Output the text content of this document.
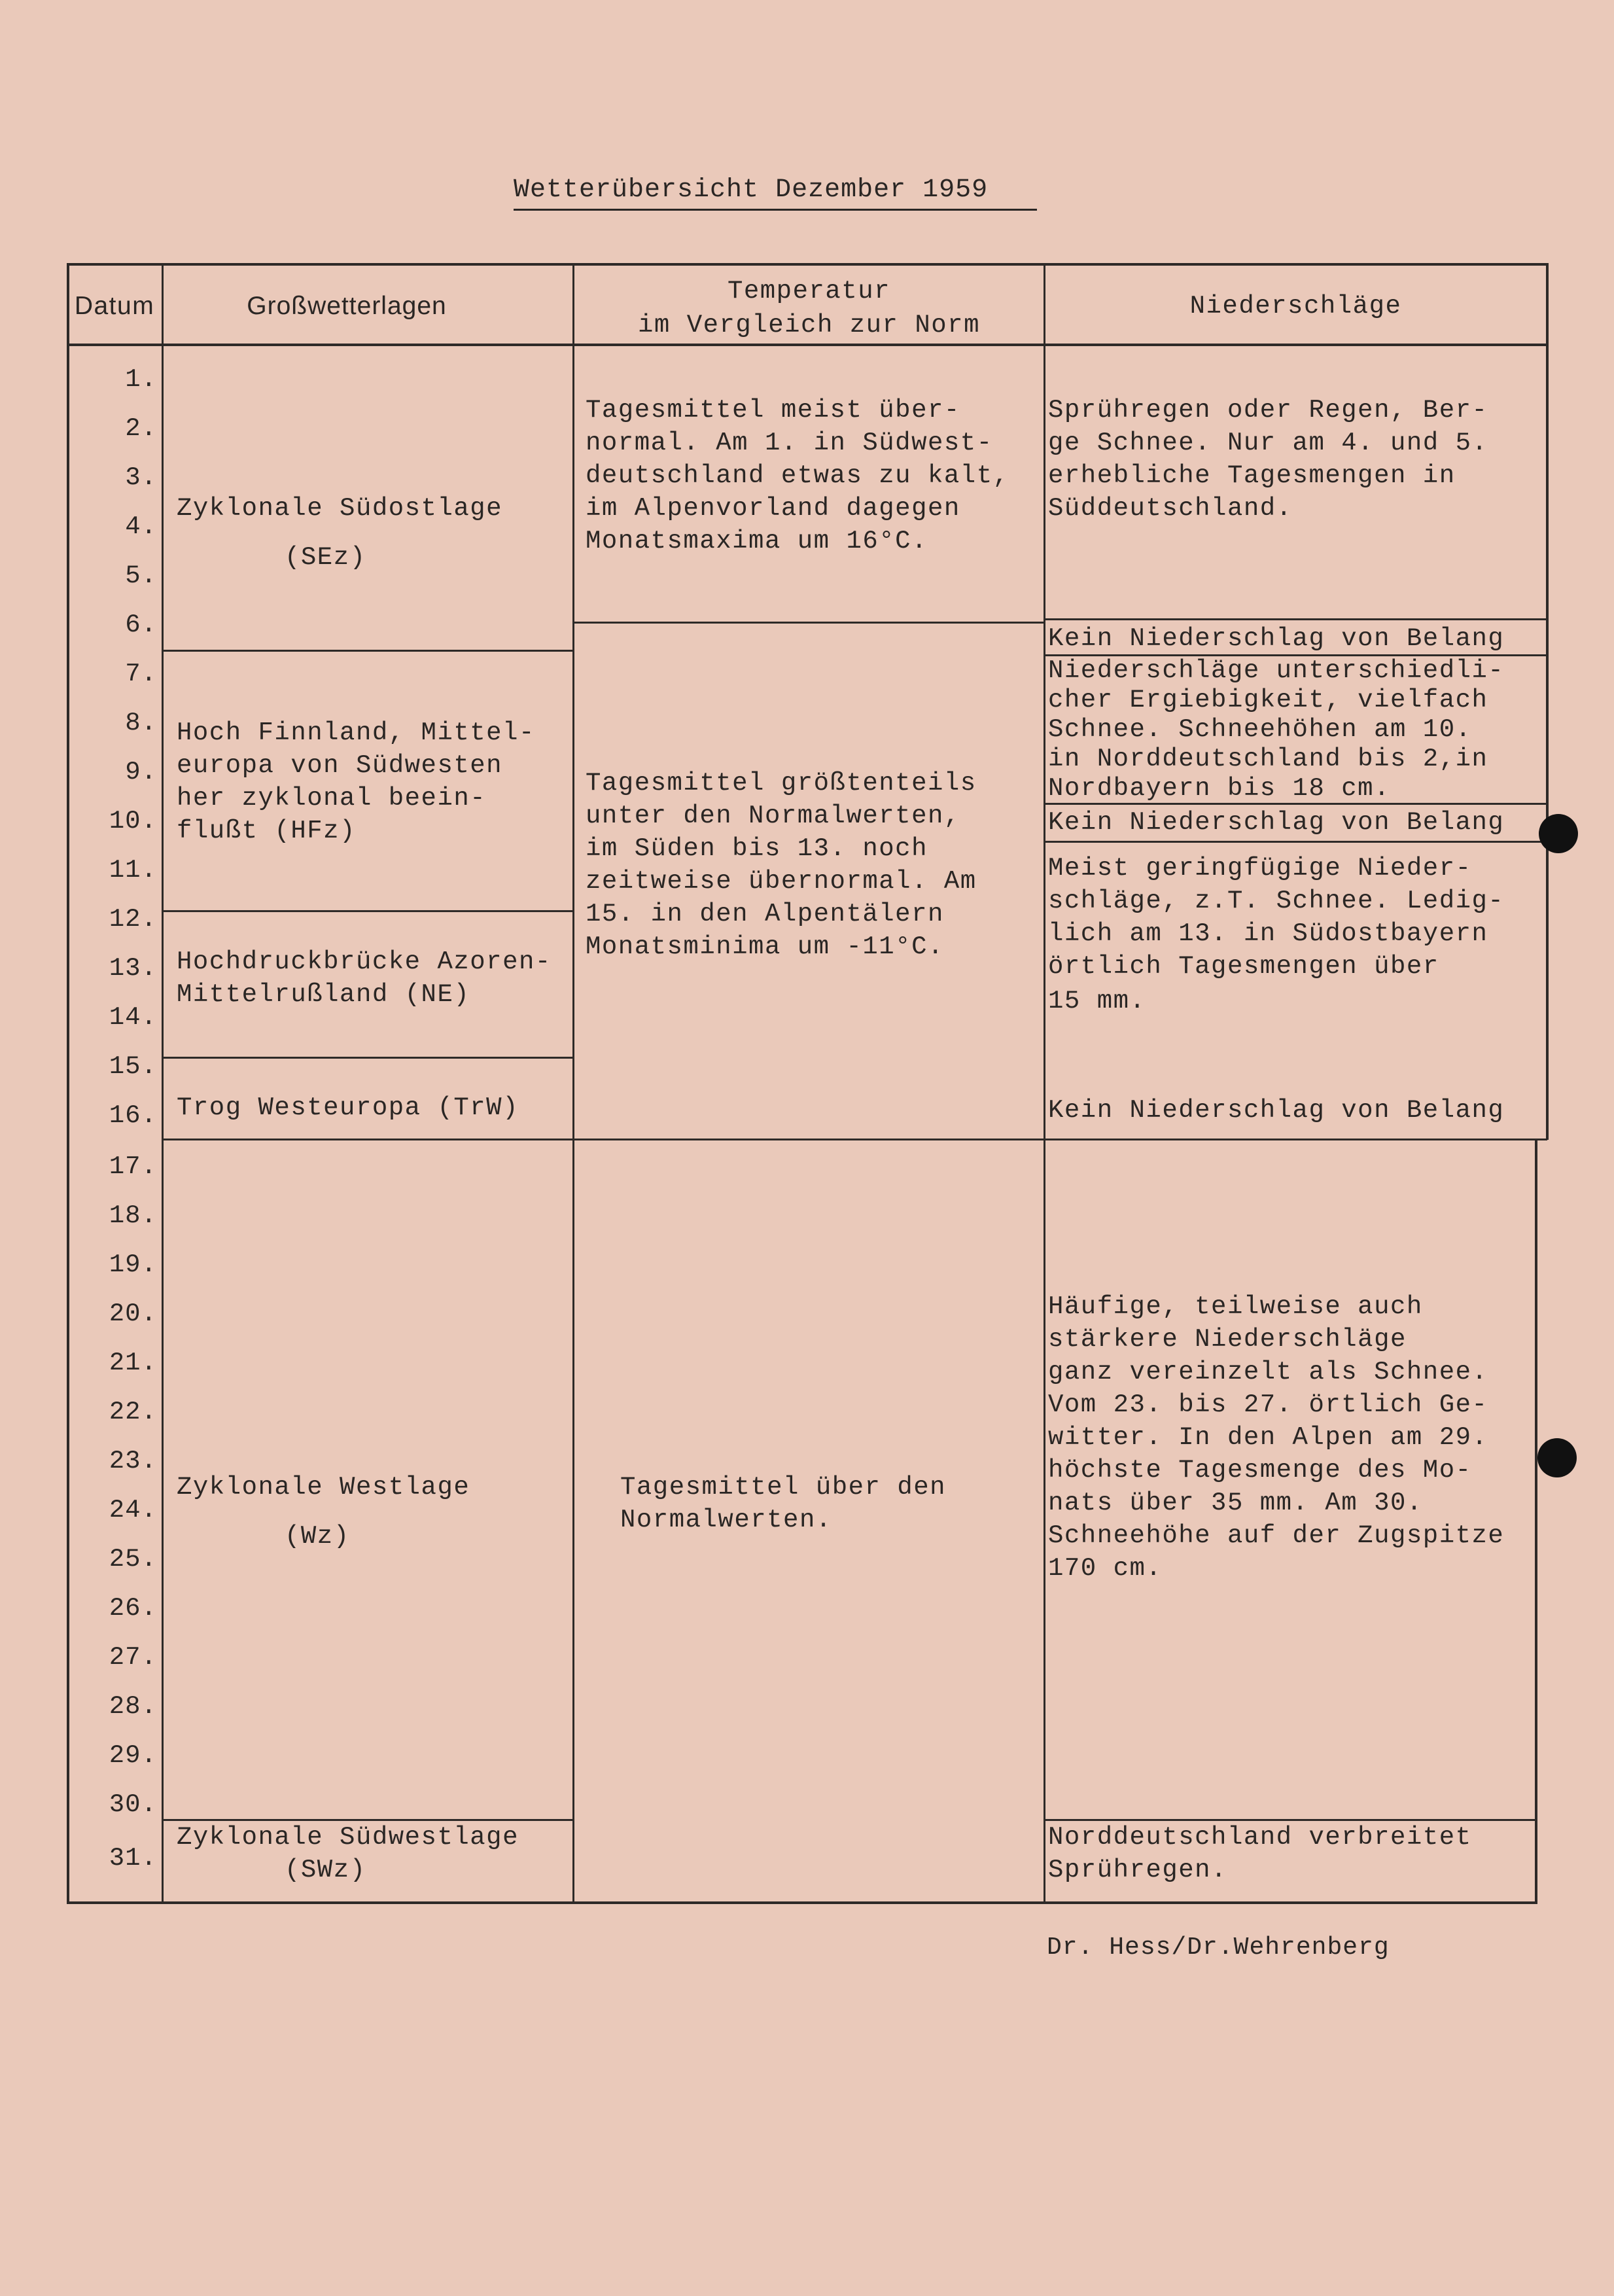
Wetterübersicht Dezember 1959
Datum	Großwetterlagen
Temperatur
im Vergleich zur Norm
Niederschläge
1.
2.
3.
4.
5.
6.
7.
8.
9.
10.
11.
12.
13.
14.
15.
16.
17.
18.
19.
20.
21.
22.
23.
24.
25.
26.
27.
28.
29.
30.
31.
Zyklonale Südostlage
(SEz)
Hoch Finnland, Mittel-
europa von Südwesten
her zyklonal beein-
flußt (HFz)
Hochdruckbrücke Azoren-
Mittelrußland (NE)
Trog Westeuropa (TrW)
Zyklonale Westlage
(Wz)
Zyklonale Südwestlage
(SWz)
Tagesmittel meist über-
normal. Am 1. in Südwest-
deutschland etwas zu kalt,
im Alpenvorland dagegen
Monatsmaxima um 16°C.
Tagesmittel größtenteils
unter den Normalwerten,
im Süden bis 13. noch
zeitweise übernormal. Am
15. in den Alpentälern
Monatsminima um -11°C.
Tagesmittel über den
Normalwerten.
Sprühregen oder Regen, Ber-
ge Schnee. Nur am 4. und 5.
erhebliche Tagesmengen in
Süddeutschland.
Kein Niederschlag von Belang
Niederschläge unterschiedli-
cher Ergiebigkeit, vielfach
Schnee. Schneehöhen am 10.
in Norddeutschland bis 2,in
Nordbayern bis 18 cm.
Kein Niederschlag von Belang
Meist geringfügige Nieder-
schläge, z.T. Schnee. Ledig-
lich am 13. in Südostbayern
örtlich Tagesmengen über
15 mm.
Kein Niederschlag von Belang
Häufige, teilweise auch
stärkere Niederschläge
ganz vereinzelt als Schnee.
Vom 23. bis 27. örtlich Ge-
witter. In den Alpen am 29.
höchste Tagesmenge des Mo-
nats über 35 mm. Am 30.
Schneehöhe auf der Zugspitze
170 cm.
Norddeutschland verbreitet
Sprühregen.
Dr. Hess/Dr.Wehrenberg
